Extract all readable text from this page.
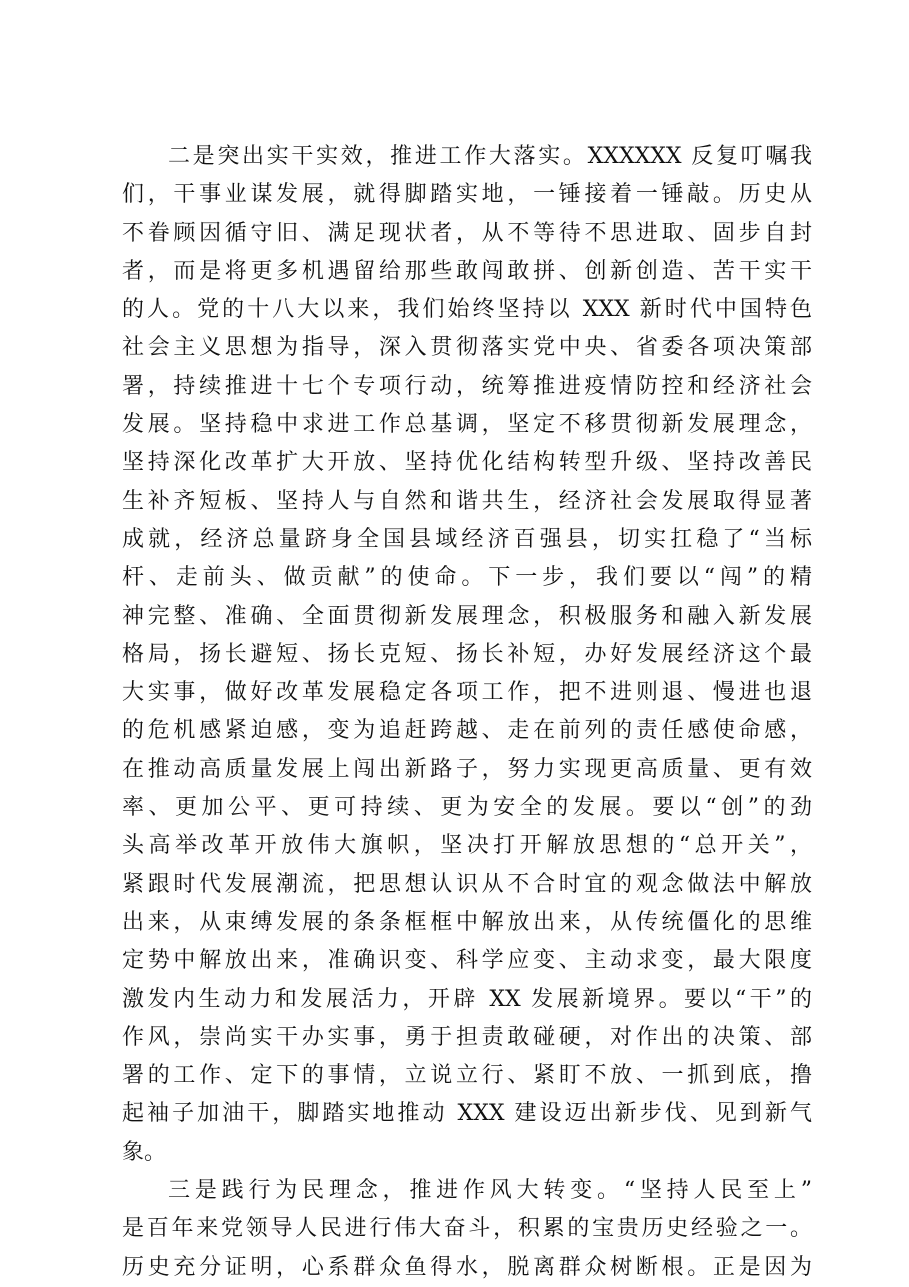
二是突出实干实效，推进工作大落实。XXXXXX 反复叮嘱我
们，干事业谋发展，就得脚踏实地，一锤接着一锤敲。历史从
不眷顾因循守旧、满足现状者，从不等待不思进取、固步自封
者，而是将更多机遇留给那些敢闯敢拼、创新创造、苦干实干
的人。党的十八大以来，我们始终坚持以 XXX 新时代中国特色
社会主义思想为指导，深入贯彻落实党中央、省委各项决策部
署，持续推进十七个专项行动，统筹推进疫情防控和经济社会
发展。坚持稳中求进工作总基调，坚定不移贯彻新发展理念，
坚持深化改革扩大开放、坚持优化结构转型升级、坚持改善民
生补齐短板、坚持人与自然和谐共生，经济社会发展取得显著
成就，经济总量跻身全国县域经济百强县，切实扛稳了“当标
杆、走前头、做贡献”的使命。下一步，我们要以“闯”的精
神完整、准确、全面贯彻新发展理念，积极服务和融入新发展
格局，扬长避短、扬长克短、扬长补短，办好发展经济这个最
大实事，做好改革发展稳定各项工作，把不进则退、慢进也退
的危机感紧迫感，变为追赶跨越、走在前列的责任感使命感，
在推动高质量发展上闯出新路子，努力实现更高质量、更有效
率、更加公平、更可持续、更为安全的发展。要以“创”的劲
头高举改革开放伟大旗帜，坚决打开解放思想的“总开关”，
紧跟时代发展潮流，把思想认识从不合时宜的观念做法中解放
出来，从束缚发展的条条框框中解放出来，从传统僵化的思维
定势中解放出来，准确识变、科学应变、主动求变，最大限度
激发内生动力和发展活力，开辟 XX 发展新境界。要以“干”的
作风，崇尚实干办实事，勇于担责敢碰硬，对作出的决策、部
署的工作、定下的事情，立说立行、紧盯不放、一抓到底，撸
起袖子加油干，脚踏实地推动 XXX 建设迈出新步伐、见到新气
象。
三是践行为民理念，推进作风大转变。“坚持人民至上”
是百年来党领导人民进行伟大奋斗，积累的宝贵历史经验之一。
历史充分证明，心系群众鱼得水，脱离群众树断根。正是因为
